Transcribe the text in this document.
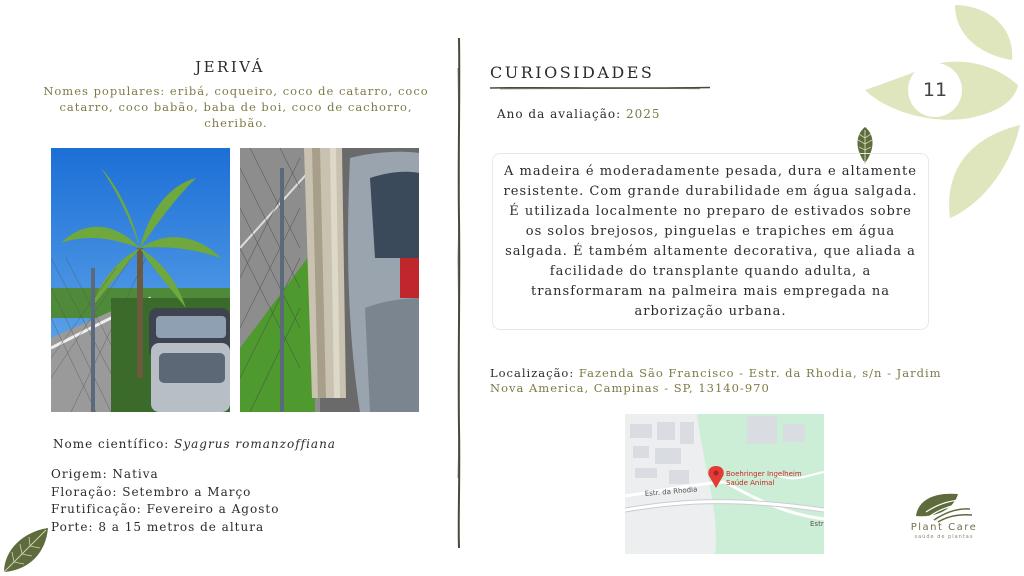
11
JERIVÁ
Nomes populares: eribá, coqueiro, coco de catarro, coco catarro, coco babão, baba de boi, coco de cachorro, cheribão.
Nome científico: Syagrus romanzoffiana
Origem: Nativa
Floração: Setembro a Março
Frutificação: Fevereiro a Agosto
Porte: 8 a 15 metros de altura
CURIOSIDADES
Ano da avaliação: 2025
A madeira é moderadamente pesada, dura e altamente resistente. Com grande durabilidade em água salgada. É utilizada localmente no preparo de estivados sobre os solos brejosos, pinguelas e trapiches em água salgada. É também altamente decorativa, que aliada a facilidade do transplante quando adulta, a transformaram na palmeira mais empregada na arborização urbana.
Localização: Fazenda São Francisco - Estr. da Rhodia, s/n - Jardim Nova America, Campinas - SP, 13140-970
Boehringer Ingelheim
Saúde Animal
Estr. da Rhodia
Estr	Plant Care
saúde de plantas
